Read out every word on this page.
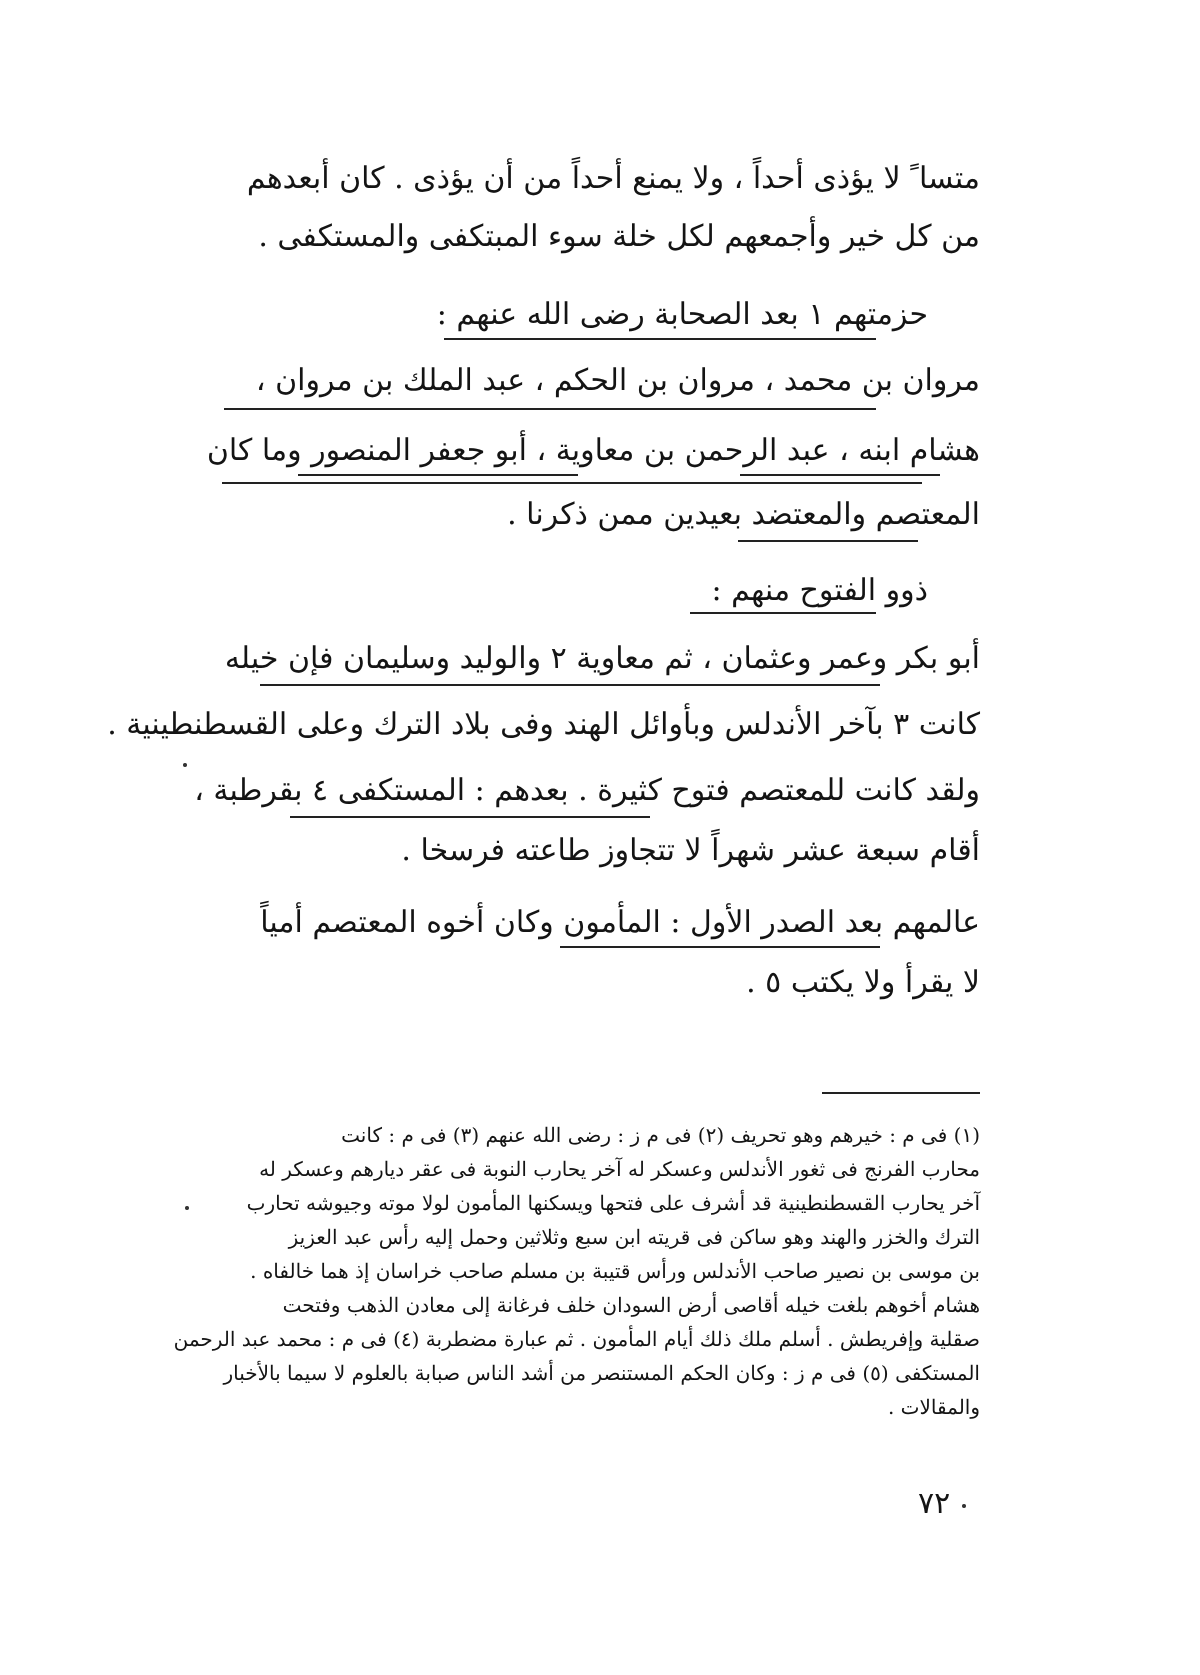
متسا ً لا يؤذى أحداً ، ولا يمنع أحداً من أن يؤذى . كان أبعدهم
من كل خير وأجمعهم لكل خلة سوء المبتكفى والمستكفى .
حزمتهم ١ بعد الصحابة رضى الله عنهم :
مروان بن محمد ، مروان بن الحكم ، عبد الملك بن مروان ،
هشام ابنه ، عبد الرحمن بن معاوية ، أبو جعفر المنصور وما كان
المعتصم والمعتضد بعيدين ممن ذكرنا .
ذوو الفتوح منهم :
أبو بكر وعمر وعثمان ، ثم معاوية ٢ والوليد وسليمان فإن خيله
كانت ٣ بآخر الأندلس وبأوائل الهند وفى بلاد الترك وعلى القسطنطينية .
ولقد كانت للمعتصم فتوح كثيرة . بعدهم : المستكفى ٤ بقرطبة ،
أقام سبعة عشر شهراً لا تتجاوز طاعته فرسخا .
عالمهم بعد الصدر الأول : المأمون وكان أخوه المعتصم أمياً
لا يقرأ ولا يكتب ٥ .
(١) فى م : خيرهم وهو تحريف (٢) فى م ز : رضى الله عنهم (٣) فى م : كانت
محارب الفرنج فى ثغور الأندلس وعسكر له آخر يحارب النوبة فى عقر ديارهم وعسكر له
آخر يحارب القسطنطينية قد أشرف على فتحها ويسكنها المأمون لولا موته وجيوشه تحارب
الترك والخزر والهند وهو ساكن فى قريته ابن سبع وثلاثين وحمل إليه رأس عبد العزيز
بن موسى بن نصير صاحب الأندلس ورأس قتيبة بن مسلم صاحب خراسان إذ هما خالفاه .
هشام أخوهم بلغت خيله أقاصى أرض السودان خلف فرغانة إلى معادن الذهب وفتحت
صقلية وإفريطش . أسلم ملك ذلك أيام المأمون . ثم عبارة مضطربة (٤) فى م : محمد عبد الرحمن
المستكفى (٥) فى م ز : وكان الحكم المستنصر من أشد الناس صبابة بالعلوم لا سيما بالأخبار
والمقالات .
٧٢
